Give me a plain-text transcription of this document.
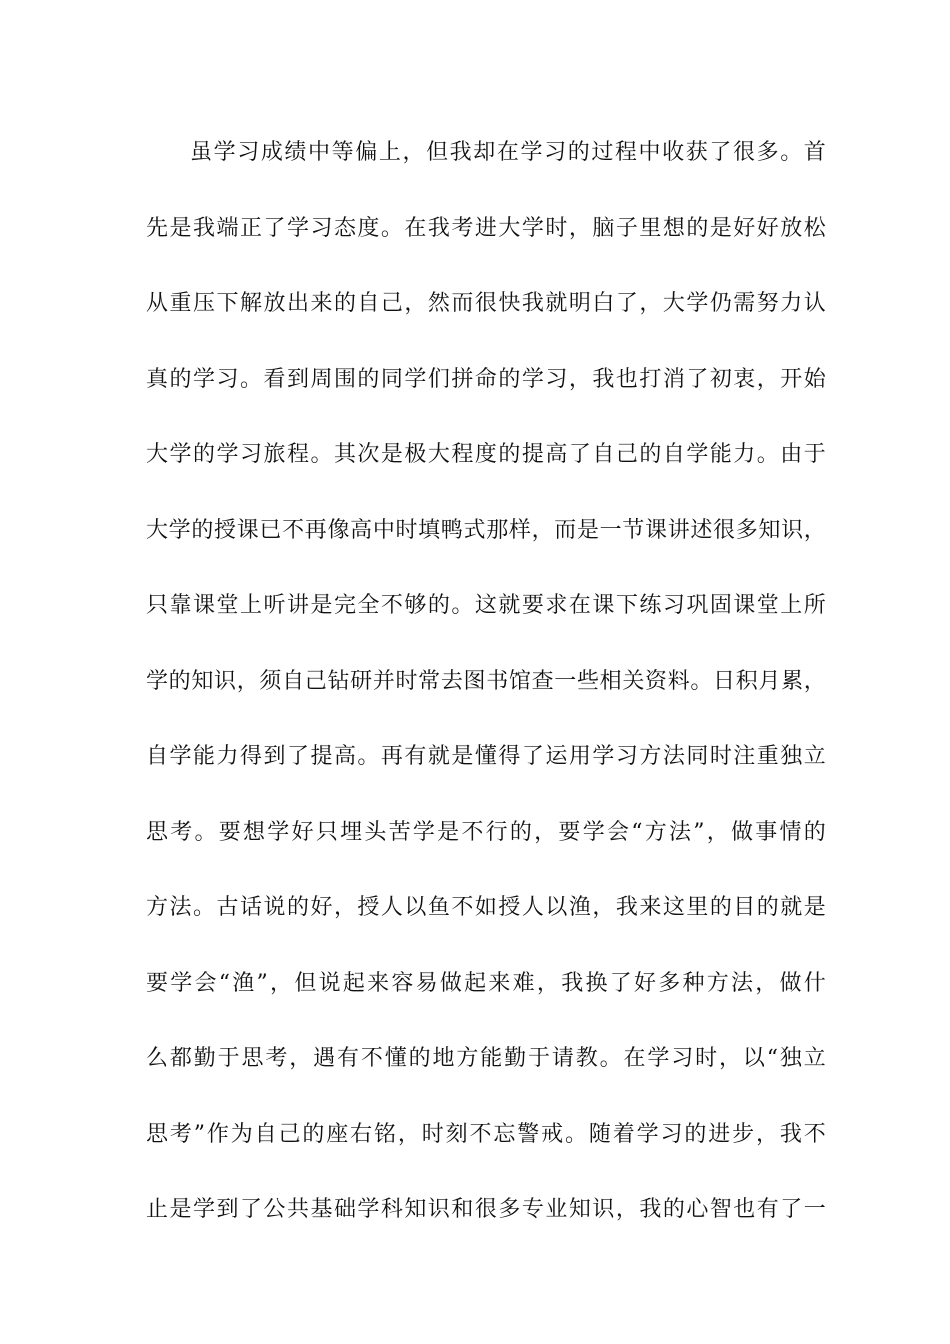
虽学习成绩中等偏上，但我却在学习的过程中收获了很多。首
先是我端正了学习态度。在我考进大学时，脑子里想的是好好放松
从重压下解放出来的自己，然而很快我就明白了，大学仍需努力认
真的学习。看到周围的同学们拼命的学习，我也打消了初衷，开始
大学的学习旅程。其次是极大程度的提高了自己的自学能力。由于
大学的授课已不再像高中时填鸭式那样，而是一节课讲述很多知识，
只靠课堂上听讲是完全不够的。这就要求在课下练习巩固课堂上所
学的知识，须自己钻研并时常去图书馆查一些相关资料。日积月累，
自学能力得到了提高。再有就是懂得了运用学习方法同时注重独立
思考。要想学好只埋头苦学是不行的，要学会“方法”，做事情的
方法。古话说的好，授人以鱼不如授人以渔，我来这里的目的就是
要学会“渔”，但说起来容易做起来难，我换了好多种方法，做什
么都勤于思考，遇有不懂的地方能勤于请教。在学习时，以“独立
思考”作为自己的座右铭，时刻不忘警戒。随着学习的进步，我不
止是学到了公共基础学科知识和很多专业知识，我的心智也有了一
